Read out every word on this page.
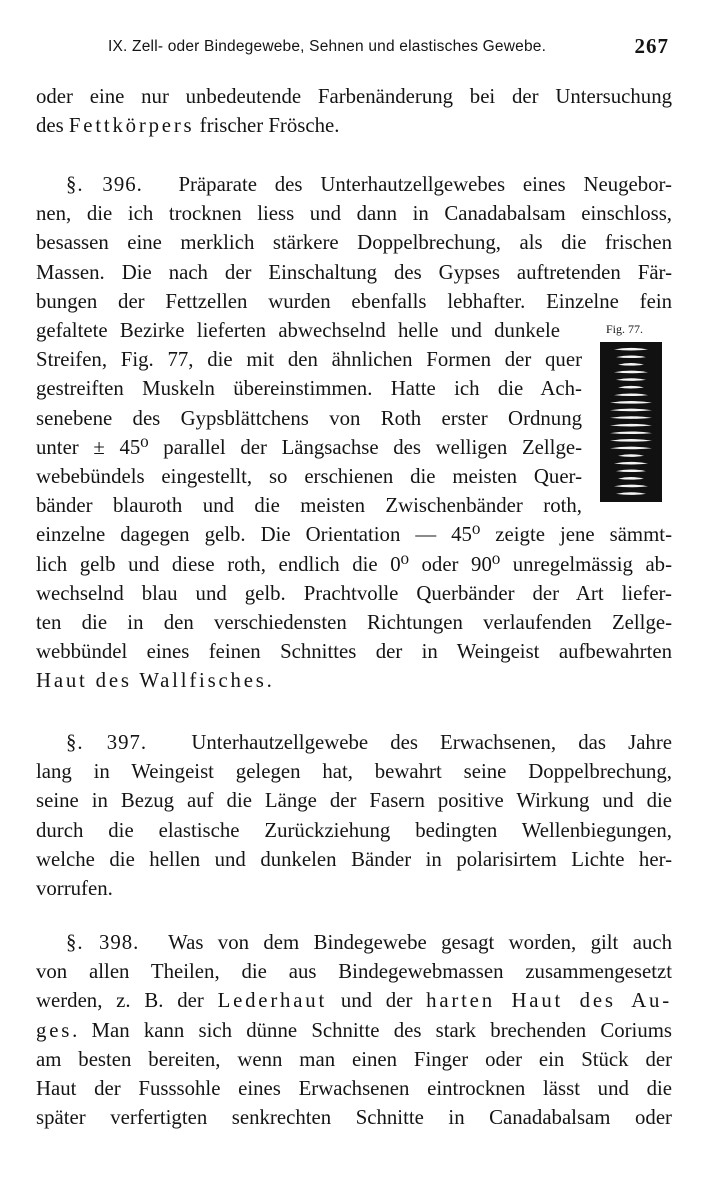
IX. Zell- oder Bindegewebe, Sehnen und elastisches Gewebe.	267
oder eine nur unbedeutende Farbenänderung bei der Untersuchung
des Fettkörpers frischer Frösche.
§. 396. Präparate des Unterhautzellgewebes eines Neugebor-
nen, die ich trocknen liess und dann in Canadabalsam einschloss,
besassen eine merklich stärkere Doppelbrechung, als die frischen
Massen. Die nach der Einschaltung des Gypses auftretenden Fär-
bungen der Fettzellen wurden ebenfalls lebhafter. Einzelne fein
gefaltete Bezirke lieferten abwechselnd helle und dunkele
Streifen, Fig. 77, die mit den ähnlichen Formen der quer
gestreiften Muskeln übereinstimmen. Hatte ich die Ach-
senebene des Gypsblättchens von Roth erster Ordnung
unter ± 45⁰ parallel der Längsachse des welligen Zellge-
webebündels eingestellt, so erschienen die meisten Quer-
bänder blauroth und die meisten Zwischenbänder roth,
einzelne dagegen gelb. Die Orientation — 45⁰ zeigte jene sämmt-
lich gelb und diese roth, endlich die 0⁰ oder 90⁰ unregelmässig ab-
wechselnd blau und gelb. Prachtvolle Querbänder der Art liefer-
ten die in den verschiedensten Richtungen verlaufenden Zellge-
webbündel eines feinen Schnittes der in Weingeist aufbewahrten
Haut des Wallfisches.
Fig. 77.
§. 397. Unterhautzellgewebe des Erwachsenen, das Jahre
lang in Weingeist gelegen hat, bewahrt seine Doppelbrechung,
seine in Bezug auf die Länge der Fasern positive Wirkung und die
durch die elastische Zurückziehung bedingten Wellenbiegungen,
welche die hellen und dunkelen Bänder in polarisirtem Lichte her-
vorrufen.
§. 398. Was von dem Bindegewebe gesagt worden, gilt auch
von allen Theilen, die aus Bindegewebmassen zusammengesetzt
werden, z. B. der Lederhaut und der harten Haut des Au-
ges. Man kann sich dünne Schnitte des stark brechenden Coriums
am besten bereiten, wenn man einen Finger oder ein Stück der
Haut der Fusssohle eines Erwachsenen eintrocknen lässt und die
später verfertigten senkrechten Schnitte in Canadabalsam oder
